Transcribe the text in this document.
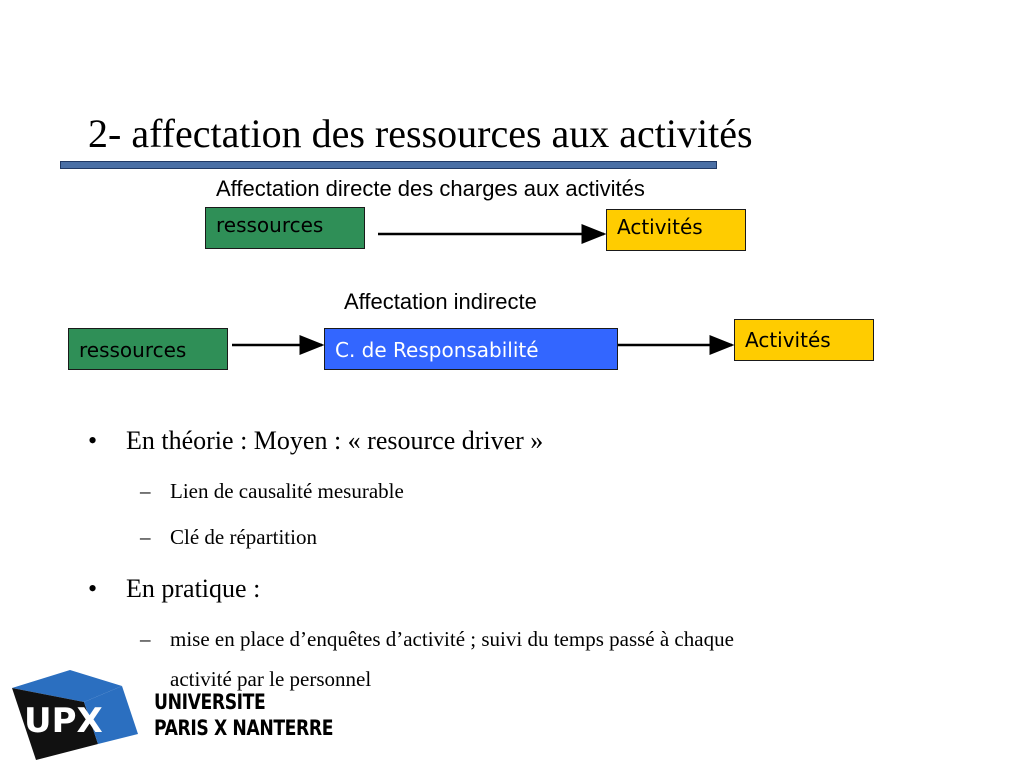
2- affectation des ressources aux activités
Affectation directe des charges aux activités
ressources	Activités
Affectation indirecte
ressources	C. de Responsabilité	Activités
• En théorie : Moyen : « resource driver »
– Lien de causalité mesurable
– Clé de répartition
• En pratique :
– mise en place d’enquêtes d’activité ; suivi du temps passé à chaque
activité par le personnel
UPX UNIVERSITE
PARIS X NANTERRE
